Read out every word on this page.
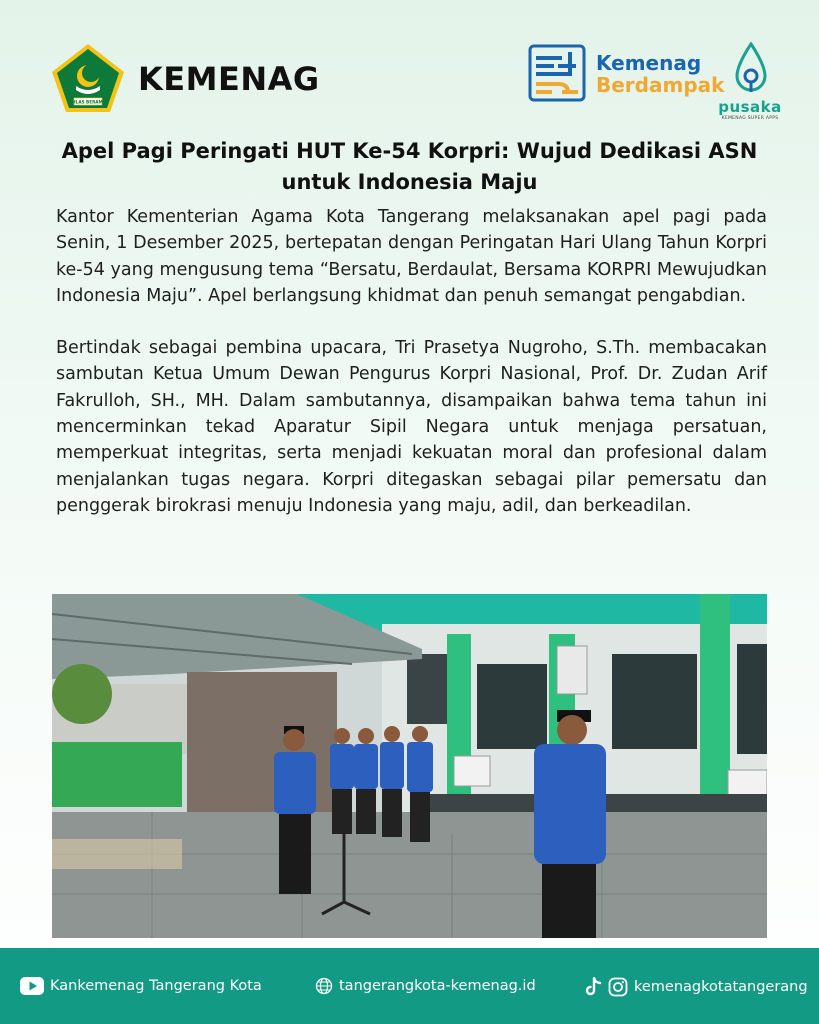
IKHLAS BERAMAL
KEMENAG	Kemenag
Berdampak
pusaka
KEMENAG SUPER APPS
Apel Pagi Peringati HUT Ke-54 Korpri: Wujud Dedikasi ASN untuk Indonesia Maju

Kantor Kementerian Agama Kota Tangerang melaksanakan apel pagi pada Senin, 1 Desember 2025, bertepatan dengan Peringatan Hari Ulang Tahun Korpri ke-54 yang mengusung tema “Bersatu, Berdaulat, Bersama KORPRI Mewujudkan Indonesia Maju”. Apel berlangsung khidmat dan penuh semangat pengabdian.

Bertindak sebagai pembina upacara, Tri Prasetya Nugroho, S.Th. membacakan sambutan Ketua Umum Dewan Pengurus Korpri Nasional, Prof. Dr. Zudan Arif Fakrulloh, SH., MH. Dalam sambutannya, disampaikan bahwa tema tahun ini mencerminkan tekad Aparatur Sipil Negara untuk menjaga persatuan, memperkuat integritas, serta menjadi kekuatan moral dan profesional dalam menjalankan tugas negara. Korpri ditegaskan sebagai pilar pemersatu dan penggerak birokrasi menuju Indonesia yang maju, adil, dan berkeadilan.

Kankemenag Tangerang Kota	tangerangkota-kemenag.id	kemenagkotatangerang
